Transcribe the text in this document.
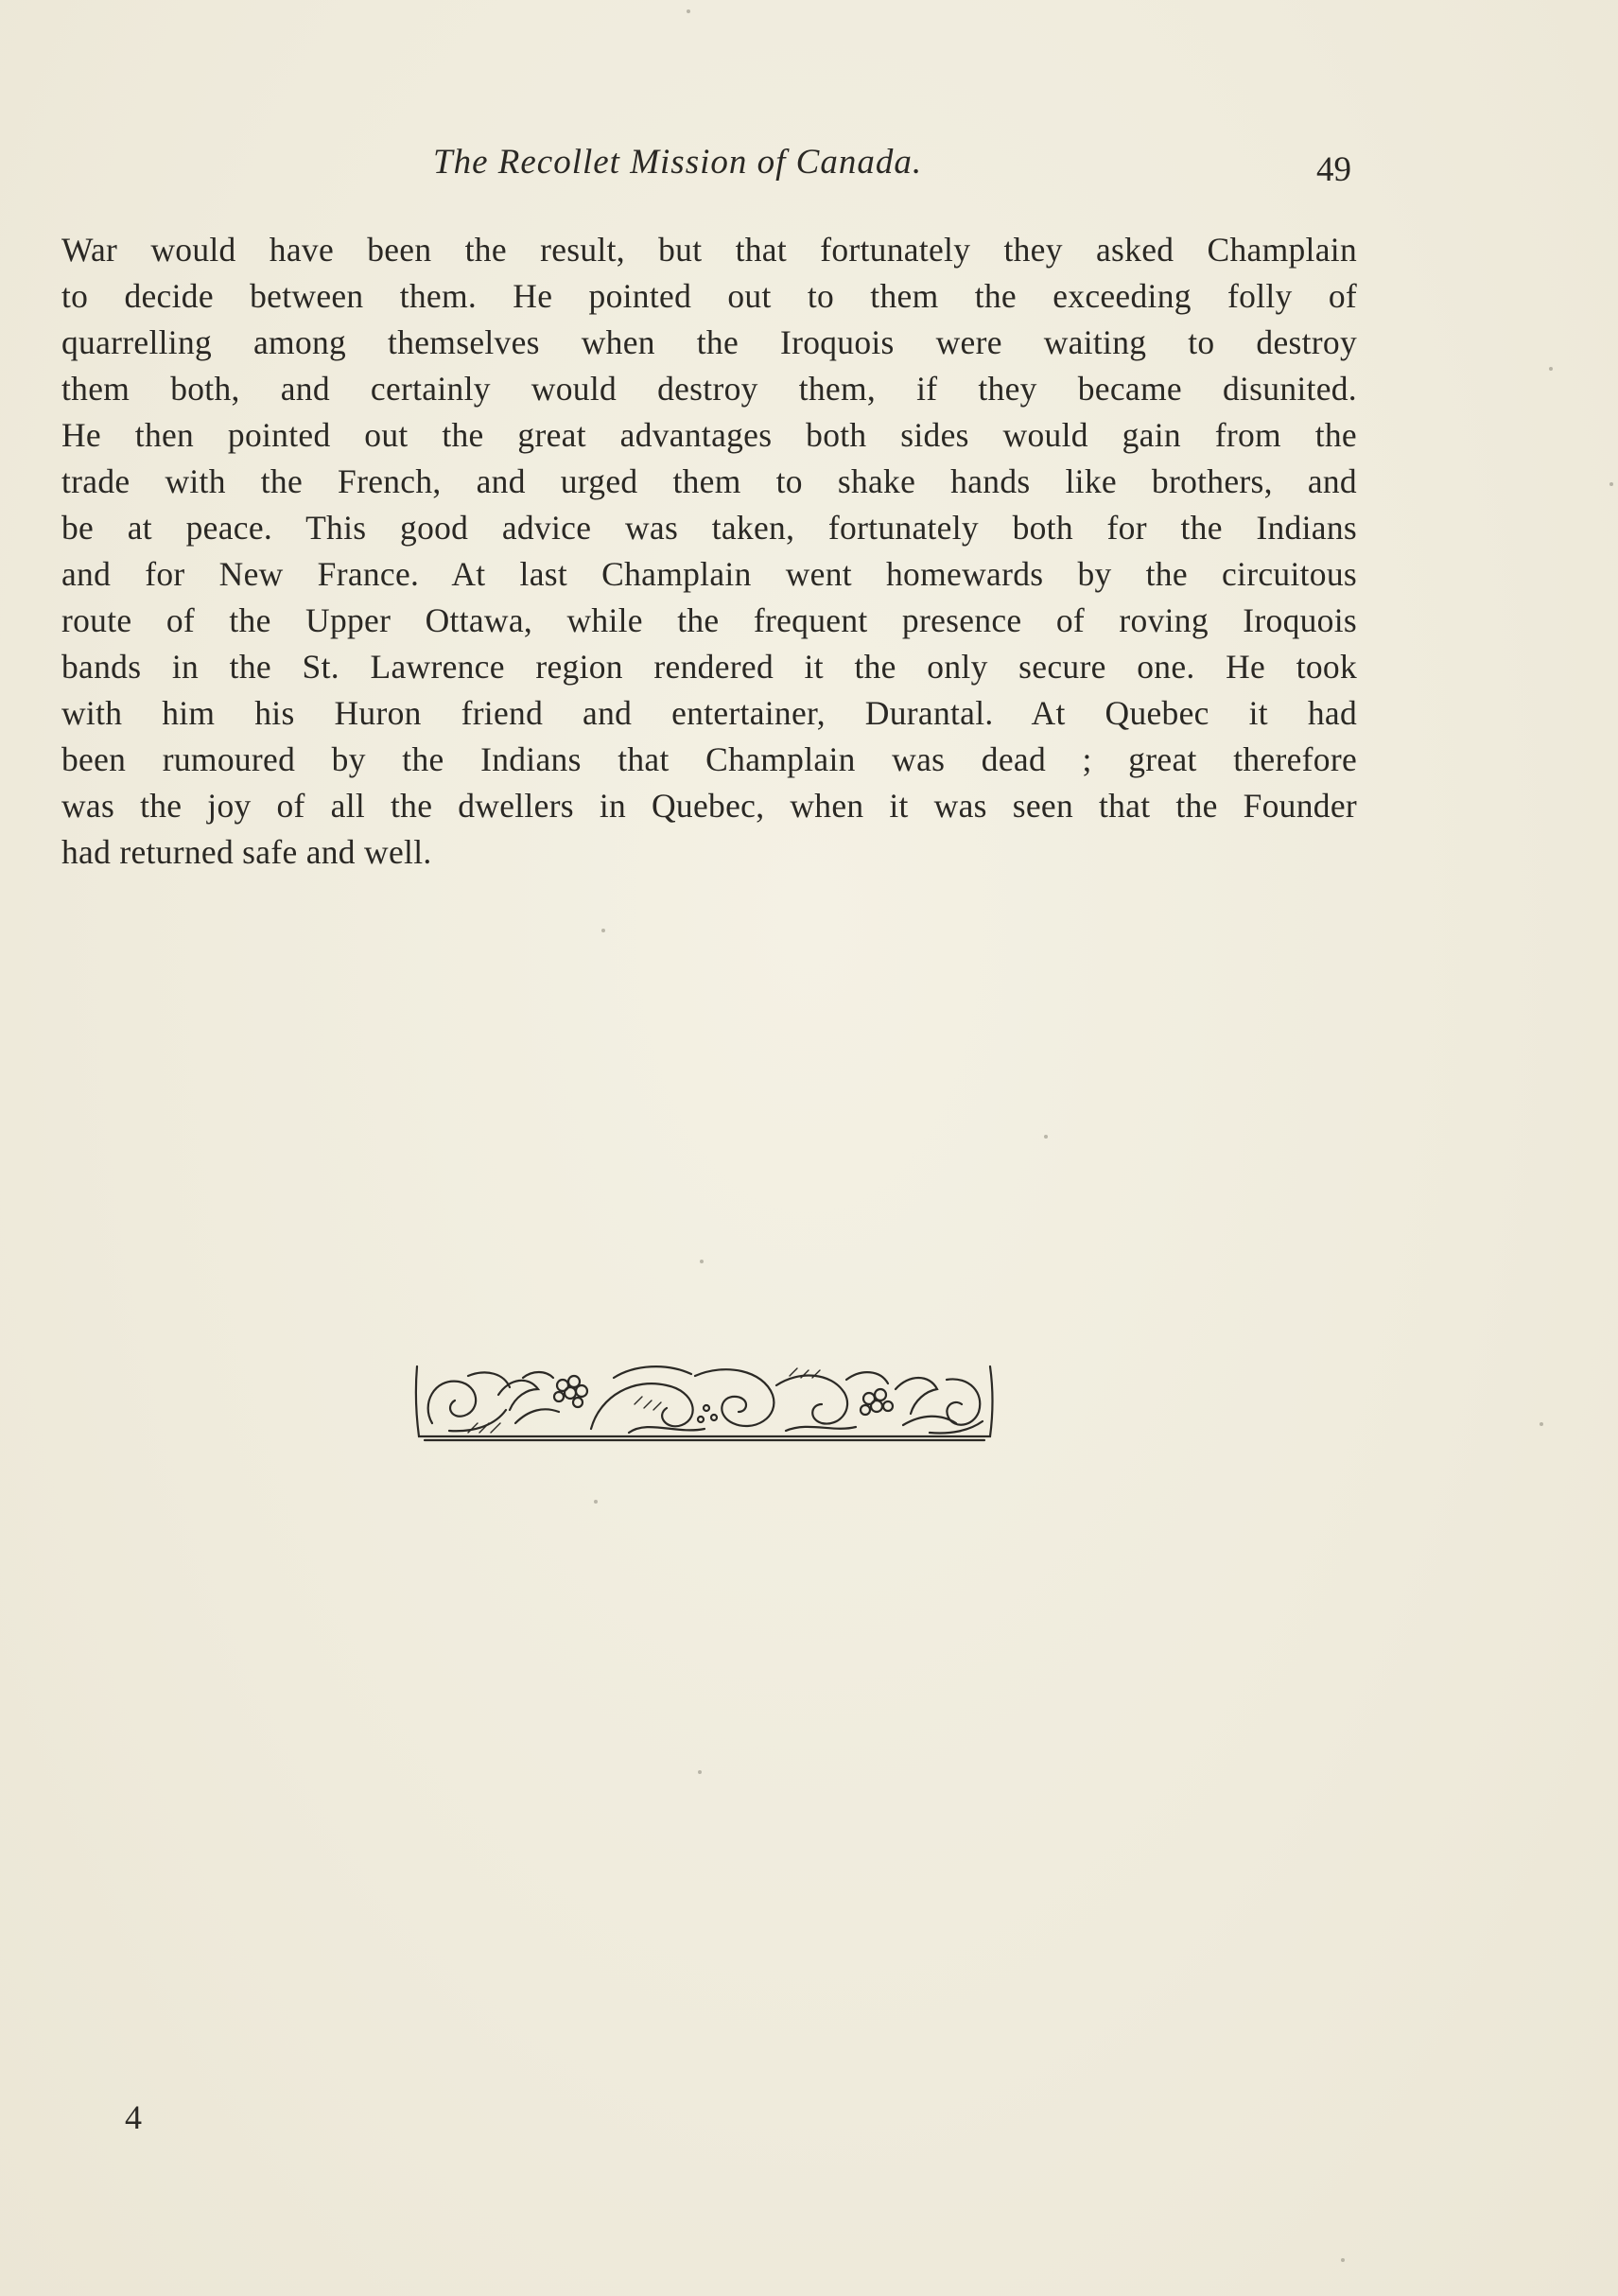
The Recollet Mission of Canada.	49
War would have been the result, but that fortunately they asked Champlain
to decide between them. He pointed out to them the exceeding folly of
quarrelling among themselves when the Iroquois were waiting to destroy
them both, and certainly would destroy them, if they became disunited.
He then pointed out the great advantages both sides would gain from the
trade with the French, and urged them to shake hands like brothers, and
be at peace. This good advice was taken, fortunately both for the Indians
and for New France. At last Champlain went homewards by the circuitous
route of the Upper Ottawa, while the frequent presence of roving Iroquois
bands in the St. Lawrence region rendered it the only secure one. He took
with him his Huron friend and entertainer, Durantal. At Quebec it had
been rumoured by the Indians that Champlain was dead ; great therefore
was the joy of all the dwellers in Quebec, when it was seen that the Founder
had returned safe and well.
4
